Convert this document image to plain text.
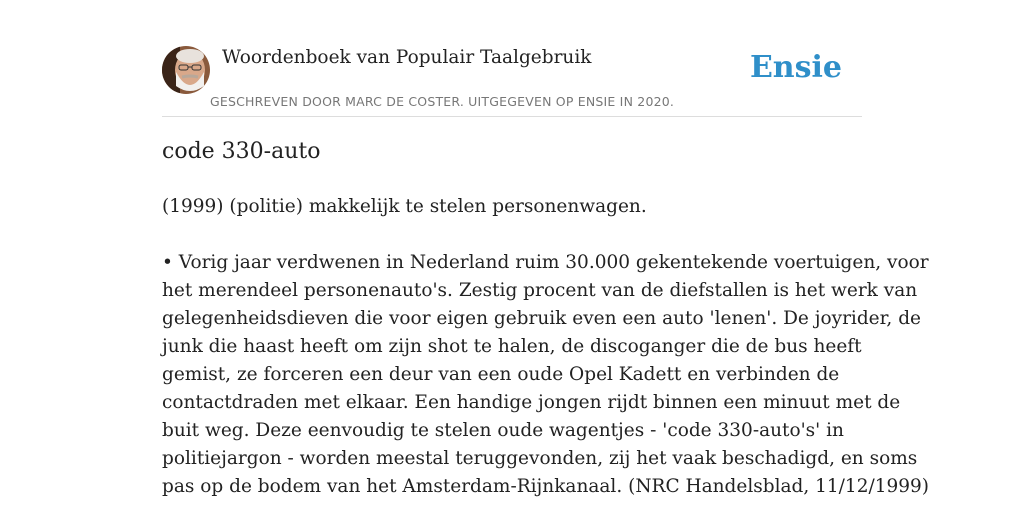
Woordenboek van Populair Taalgebruik
GESCHREVEN DOOR MARC DE COSTER. UITGEGEVEN OP ENSIE IN 2020.
Ensie
code 330-auto

(1999) (politie) makkelijk te stelen personenwagen.

• Vorig jaar verdwenen in Nederland ruim 30.000 gekentekende voertuigen, voor
het merendeel personenauto's. Zestig procent van de diefstallen is het werk van
gelegenheidsdieven die voor eigen gebruik even een auto 'lenen'. De joyrider, de
junk die haast heeft om zijn shot te halen, de discoganger die de bus heeft
gemist, ze forceren een deur van een oude Opel Kadett en verbinden de
contactdraden met elkaar. Een handige jongen rijdt binnen een minuut met de
buit weg. Deze eenvoudig te stelen oude wagentjes - 'code 330-auto's' in
politiejargon - worden meestal teruggevonden, zij het vaak beschadigd, en soms
pas op de bodem van het Amsterdam-Rijnkanaal. (NRC Handelsblad, 11/12/1999)
